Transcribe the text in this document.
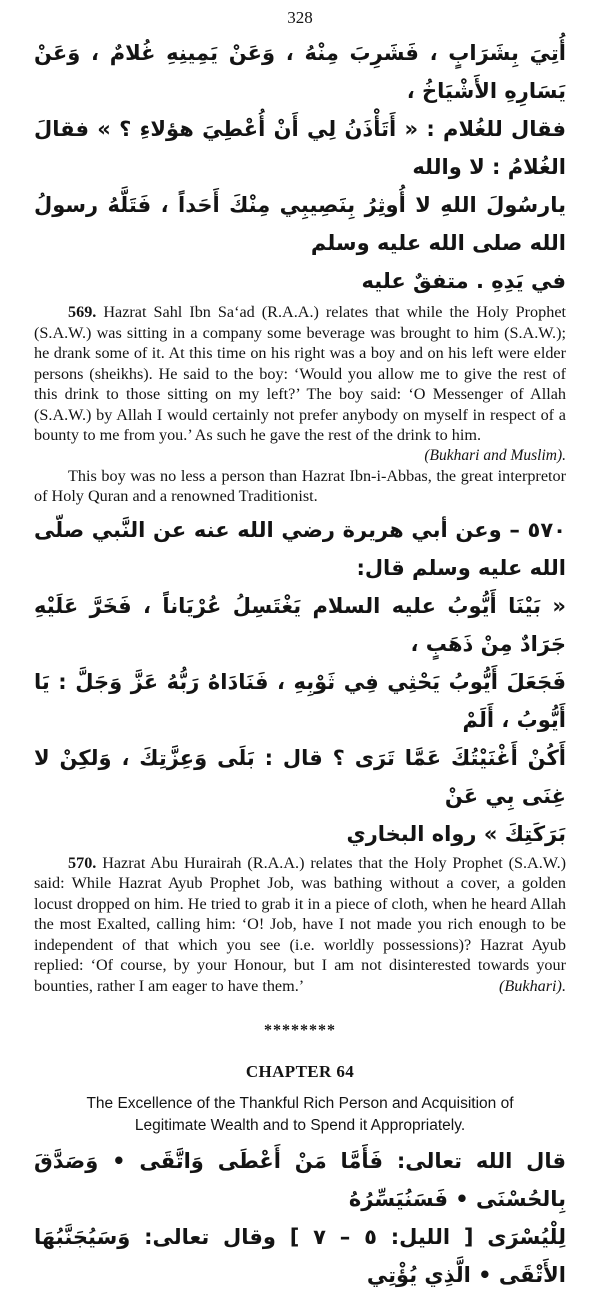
328
أُتِيَ بِشَرَابٍ ، فَشَرِبَ مِنْهُ ، وَعَنْ يَمِينِهِ غُلامٌ ، وَعَنْ يَسَارِهِ الأَشْيَاخُ ،
فقال للغُلام : « أَتَأْذَنُ لِي أَنْ أُعْطِيَ هؤلاءِ ؟ » فقالَ الغُلامُ : لا والله
يارسُولَ اللهِ لا أُوثِرُ بِنَصِيبِي مِنْكَ أَحَداً ، فَتَلَّهُ رسولُ الله صلى الله عليه وسلم
في يَدِهِ . متفقٌ عليه

569. Hazrat Sahl Ibn Sa‘ad (R.A.A.) relates that while the Holy Prophet (S.A.W.) was sitting in a company some beverage was brought to him (S.A.W.); he drank some of it. At this time on his right was a boy and on his left were elder persons (sheikhs). He said to the boy: ‘Would you allow me to give the rest of this drink to those sitting on my left?’ The boy said: ‘O Messenger of Allah (S.A.W.) by Allah I would certainly not prefer anybody on myself in respect of a bounty to me from you.’ As such he gave the rest of the drink to him.

(Bukhari and Muslim).

This boy was no less a person than Hazrat Ibn-i-Abbas, the great interpretor of Holy Quran and a renowned Traditionist.

٥٧٠ – وعن أبي هريرة رضي الله عنه عن النَّبي صلّى الله عليه وسلم قال:
« بَيْنَا أَيُّوبُ عليه السلام يَغْتَسِلُ عُرْيَاناً ، فَخَرَّ عَلَيْهِ جَرَادٌ مِنْ ذَهَبٍ ،
فَجَعَلَ أَيُّوبُ يَحْثِي فِي ثَوْبِهِ ، فَنَادَاهُ رَبُّهُ عَزَّ وَجَلَّ : يَا أَيُّوبُ ، أَلَمْ
أَكُنْ أَغْنَيْتُكَ عَمَّا تَرَى ؟ قال : بَلَى وَعِزَّتِكَ ، وَلكِنْ لا غِنَى بِي عَنْ
بَرَكَتِكَ » رواه البخاري
570. Hazrat Abu Hurairah (R.A.A.) relates that the Holy Prophet (S.A.W.) said: While Hazrat Ayub Prophet Job, was bathing without a cover, a golden locust dropped on him. He tried to grab it in a piece of cloth, when he heard Allah the most Exalted, calling him: ‘O! Job, have I not made you rich enough to be independent of that which you see (i.e. worldly possessions)? Hazrat Ayub replied: ‘Of course, by your Honour, but I am not disinterested towards your bounties, rather I am eager to have them.’	(Bukhari).
********
CHAPTER 64

The Excellence of the Thankful Rich Person and Acquisition of

Legitimate Wealth and to Spend it Appropriately.

قال الله تعالى: فَأَمَّا مَنْ أَعْطَى وَاتَّقَى • وَصَدَّقَ بِالحُسْنَى • فَسَنُيَسِّرُهُ
لِلْيُسْرَى [ الليل: ٥ – ٧ ] وقال تعالى: وَسَيُجَنَّبُهَا الأَتْقَى • الَّذِي يُؤْتِي
